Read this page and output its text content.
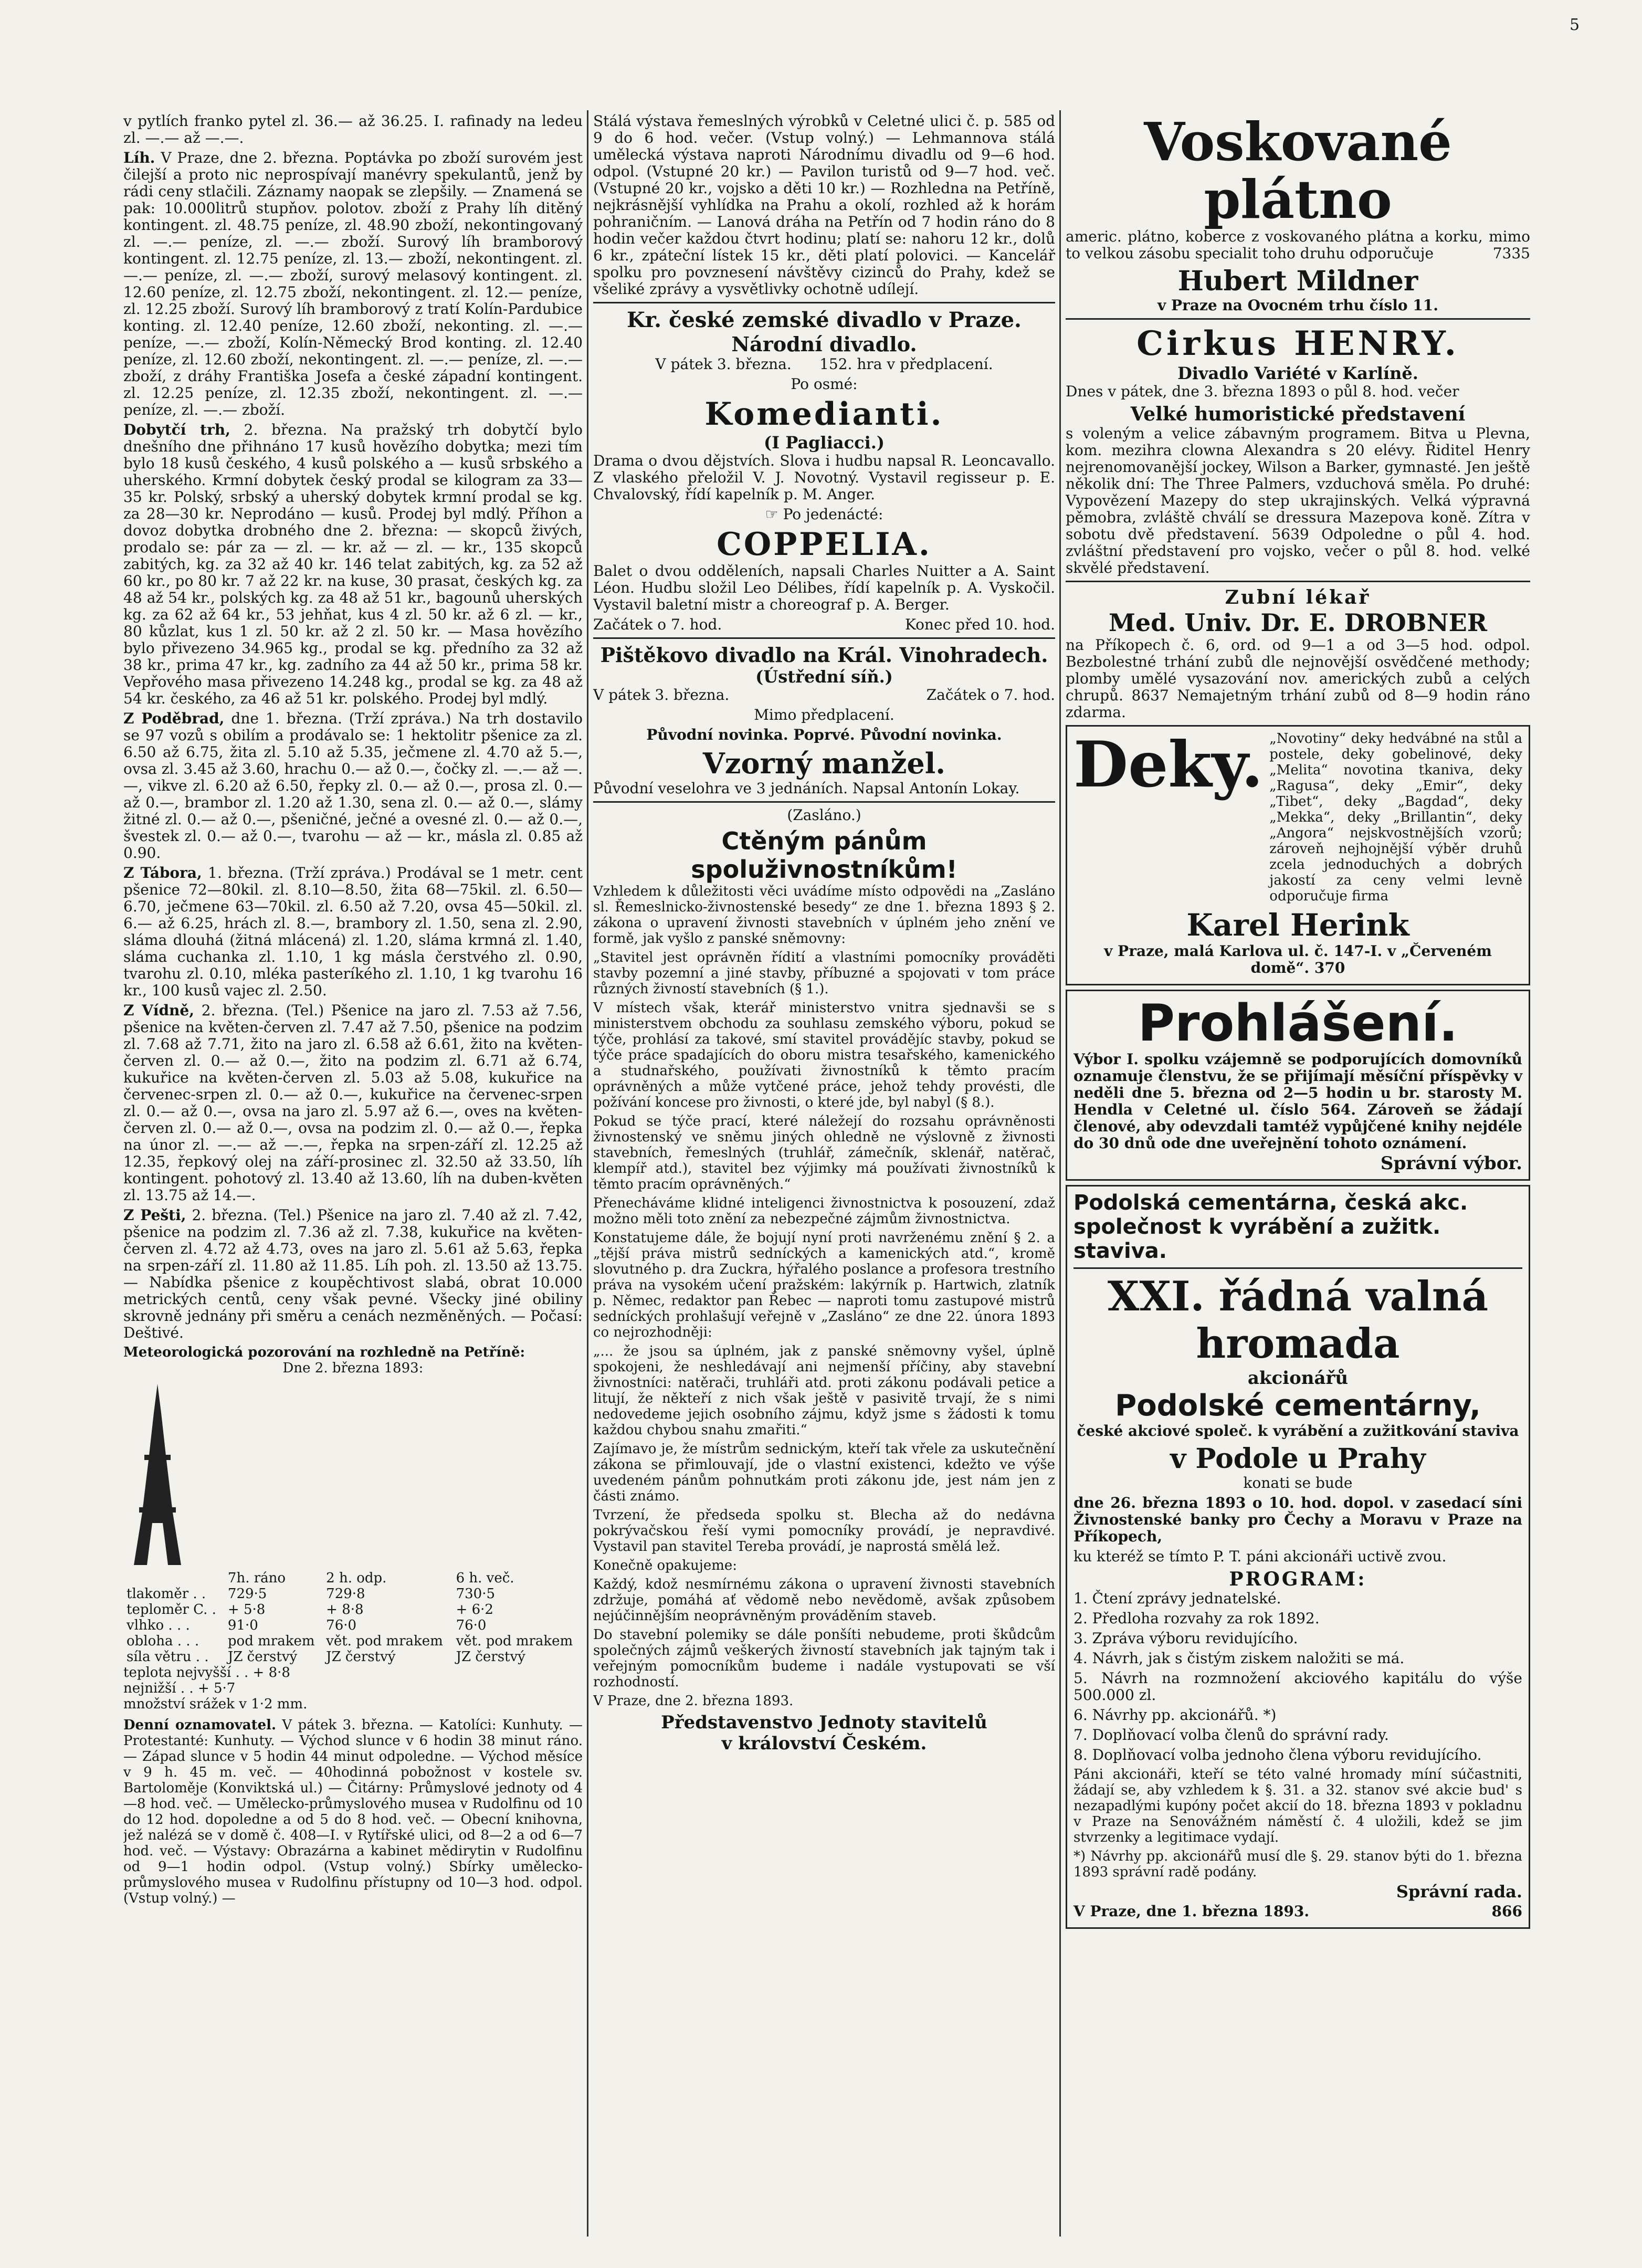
5

v pytlích franko pytel zl. 36.— až 36.25. I. rafinady na ledeu zl. —.— až —.—.

Líh. V Praze, dne 2. března. Poptávka po zboží surovém jest čilejší a proto nic neprospívají manévry spekulantů, jenž by rádi ceny stlačili. Záznamy naopak se zlepšily. — Znamená se pak: 10.000litrů stupňov. polotov. zboží z Prahy líh ditěný kontingent. zl. 48.75 peníze, zl. 48.90 zboží, nekontingovaný zl. —.— peníze, zl. —.— zboží. Surový líh bramborový kontingent. zl. 12.75 peníze, zl. 13.— zboží, nekontingent. zl. —.— peníze, zl. —.— zboží, surový melasový kontingent. zl. 12.60 peníze, zl. 12.75 zboží, nekontingent. zl. 12.— peníze, zl. 12.25 zboží. Surový líh bramborový z tratí Kolín-Pardubice konting. zl. 12.40 peníze, 12.60 zboží, nekonting. zl. —.— peníze, —.— zboží, Kolín-Německý Brod konting. zl. 12.40 peníze, zl. 12.60 zboží, nekontingent. zl. —.— peníze, zl. —.— zboží, z dráhy Františka Josefa a české západní kontingent. zl. 12.25 peníze, zl. 12.35 zboží, nekontingent. zl. —.— peníze, zl. —.— zboží.

Dobytčí trh, 2. března. Na pražský trh dobytčí bylo dnešního dne přihnáno 17 kusů hovězího dobytka; mezi tím bylo 18 kusů českého, 4 kusů polského a — kusů srbského a uherského. Krmní dobytek český prodal se kilogram za 33—35 kr. Polský, srbský a uherský dobytek krmní prodal se kg. za 28—30 kr. Neprodáno — kusů. Prodej byl mdlý. Příhon a dovoz dobytka drobného dne 2. března: — skopců živých, prodalo se: pár za — zl. — kr. až — zl. — kr., 135 skopců zabitých, kg. za 32 až 40 kr. 146 telat zabitých, kg. za 52 až 60 kr., po 80 kr. 7 až 22 kr. na kuse, 30 prasat, českých kg. za 48 až 54 kr., polských kg. za 48 až 51 kr., bagounů uherských kg. za 62 až 64 kr., 53 jehňat, kus 4 zl. 50 kr. až 6 zl. — kr., 80 kůzlat, kus 1 zl. 50 kr. až 2 zl. 50 kr. — Masa hovězího bylo přivezeno 34.965 kg., prodal se kg. předního za 32 až 38 kr., prima 47 kr., kg. zadního za 44 až 50 kr., prima 58 kr. Vepřového masa přivezeno 14.248 kg., prodal se kg. za 48 až 54 kr. českého, za 46 až 51 kr. polského. Prodej byl mdlý.

Z Poděbrad, dne 1. března. (Trží zpráva.) Na trh dostavilo se 97 vozů s obilím a prodávalo se: 1 hektolitr pšenice za zl. 6.50 až 6.75, žita zl. 5.10 až 5.35, ječmene zl. 4.70 až 5.—, ovsa zl. 3.45 až 3.60, hrachu 0.— až 0.—, čočky zl. —.— až —.—, vikve zl. 6.20 až 6.50, řepky zl. 0.— až 0.—, prosa zl. 0.— až 0.—, brambor zl. 1.20 až 1.30, sena zl. 0.— až 0.—, slámy žitné zl. 0.— až 0.—, pšeničné, ječné a ovesné zl. 0.— až 0.—, švestek zl. 0.— až 0.—, tvarohu — až — kr., másla zl. 0.85 až 0.90.

Z Tábora, 1. března. (Trží zpráva.) Prodával se 1 metr. cent pšenice 72—80kil. zl. 8.10—8.50, žita 68—75kil. zl. 6.50—6.70, ječmene 63—70kil. zl. 6.50 až 7.20, ovsa 45—50kil. zl. 6.— až 6.25, hrách zl. 8.—, brambory zl. 1.50, sena zl. 2.90, sláma dlouhá (žitná mlácená) zl. 1.20, sláma krmná zl. 1.40, sláma cuchanka zl. 1.10, 1 kg másla čerstvého zl. 0.90, tvarohu zl. 0.10, mléka pasteríkého zl. 1.10, 1 kg tvarohu 16 kr., 100 kusů vajec zl. 2.50.

Z Vídně, 2. března. (Tel.) Pšenice na jaro zl. 7.53 až 7.56, pšenice na květen-červen zl. 7.47 až 7.50, pšenice na podzim zl. 7.68 až 7.71, žito na jaro zl. 6.58 až 6.61, žito na květen-červen zl. 0.— až 0.—, žito na podzim zl. 6.71 až 6.74, kukuřice na květen-červen zl. 5.03 až 5.08, kukuřice na červenec-srpen zl. 0.— až 0.—, kukuřice na červenec-srpen zl. 0.— až 0.—, ovsa na jaro zl. 5.97 až 6.—, oves na květen-červen zl. 0.— až 0.—, ovsa na podzim zl. 0.— až 0.—, řepka na únor zl. —.— až —.—, řepka na srpen-září zl. 12.25 až 12.35, řepkový olej na září-prosinec zl. 32.50 až 33.50, líh kontingent. pohotový zl. 13.40 až 13.60, líh na duben-květen zl. 13.75 až 14.—.

Z Pešti, 2. března. (Tel.) Pšenice na jaro zl. 7.40 až zl. 7.42, pšenice na podzim zl. 7.36 až zl. 7.38, kukuřice na květen-červen zl. 4.72 až 4.73, oves na jaro zl. 5.61 až 5.63, řepka na srpen-září zl. 11.80 až 11.85. Líh poh. zl. 13.50 až 13.75. — Nabídka pšenice z koupěchtivost slabá, obrat 10.000 metrických centů, ceny však pevné. Všecky jiné obiliny skrovně jednány při směru a cenách nezměněných. — Počasí: Deštivé.

Meteorologická pozorování na rozhledně na Petříně:
Dne 2. března 1893:
	7h. ráno	2 h. odp.	6 h. več.
tlakoměr . .	729·5	729·8	730·5
teploměr C. .	+ 5·8	+ 8·8	+ 6·2
vlhko . . .	91·0	76·0	76·0
obloha . . .	pod mrakem	vět. pod mrakem	vět. pod mrakem
síla větru . .	JZ čerstvý	JZ čerstvý	JZ čerstvý
teplota nejvyšší . . + 8·8
nejnižší . . + 5·7
množství srážek v 1·2 mm.

Denní oznamovatel. V pátek 3. března. — Katolíci: Kunhuty. — Protestanté: Kunhuty. — Východ slunce v 6 hodin 38 minut ráno. — Západ slunce v 5 hodin 44 minut odpoledne. — Východ měsíce v 9 h. 45 m. več. — 40hodinná pobožnost v kostele sv. Bartoloměje (Konviktská ul.) — Čitárny: Průmyslové jednoty od 4—8 hod. več. — Umělecko-průmyslového musea v Rudolfinu od 10 do 12 hod. dopoledne a od 5 do 8 hod. več. — Obecní knihovna, jež nalézá se v domě č. 408—I. v Rytířské ulici, od 8—2 a od 6—7 hod. več. — Výstavy: Obrazárna a kabinet mědirytin v Rudolfinu od 9—1 hodin odpol. (Vstup volný.) Sbírky umělecko-průmyslového musea v Rudolfinu přístupny od 10—3 hod. odpol. (Vstup volný.) —

Stálá výstava řemeslných výrobků v Celetné ulici č. p. 585 od 9 do 6 hod. večer. (Vstup volný.) — Lehmannova stálá umělecká výstava naproti Národnímu divadlu od 9—6 hod. odpol. (Vstupné 20 kr.) — Pavilon turistů od 9—7 hod. več. (Vstupné 20 kr., vojsko a děti 10 kr.) — Rozhledna na Petříně, nejkrásnější vyhlídka na Prahu a okolí, rozhled až k horám pohraničním. — Lanová dráha na Petřín od 7 hodin ráno do 8 hodin večer každou čtvrt hodinu; platí se: nahoru 12 kr., dolů 6 kr., zpáteční lístek 15 kr., děti platí polovici. — Kancelář spolku pro povznesení návštěvy cizinců do Prahy, kdež se všeliké zprávy a vysvětlivky ochotně udílejí.

Kr. české zemské divadlo v Praze.
Národní divadlo.

V pátek 3. března. 152. hra v předplacení.

Po osmé:

Komedianti.
(I Pagliacci.)

Drama o dvou dějstvích. Slova i hudbu napsal R. Leoncavallo. Z vlaského přeložil V. J. Novotný. Vystavil regisseur p. E. Chvalovský, řídí kapelník p. M. Anger.

☞ Po jedenácté:

COPPELIA.

Balet o dvou odděleních, napsali Charles Nuitter a A. Saint Léon. Hudbu složil Leo Délibes, řídí kapelník p. A. Vyskočil. Vystavil baletní mistr a choreograf p. A. Berger.

Začátek o 7. hod.	Konec před 10. hod.

Pištěkovo divadlo na Král. Vinohradech.
(Ústřední síň.)

V pátek 3. března.	Začátek o 7. hod.

Mimo předplacení.

Původní novinka. Poprvé. Původní novinka.

Vzorný manžel.

Původní veselohra ve 3 jednáních. Napsal Antonín Lokay.

(Zasláno.)

Ctěným pánům spoluživnostníkům!

Vzhledem k důležitosti věci uvádíme místo odpovědi na „Zasláno sl. Řemeslnicko-živnostenské besedy“ ze dne 1. března 1893 § 2. zákona o upravení živnosti stavebních v úplném jeho znění ve formě, jak vyšlo z panské sněmovny:

„Stavitel jest oprávněn řídití a vlastními pomocníky prováděti stavby pozemní a jiné stavby, příbuzné a spojovati v tom práce různých živností stavebních (§ 1.).

V místech však, kterář ministerstvo vnitra sjednavši se s ministerstvem obchodu za souhlasu zemského výboru, pokud se týče, prohlásí za takové, smí stavitel provádějíc stavby, pokud se týče práce spadajících do oboru mistra tesařského, kamenického a studnařského, používati živnostníků k těmto pracím oprávněných a může vytčené práce, jehož tehdy provésti, dle požívání koncese pro živnosti, o které jde, byl nabyl (§ 8.).

Pokud se týče prací, které náležejí do rozsahu oprávněnosti živnostenský ve sněmu jiných ohledně ne výslovně z živnosti stavebních, řemeslných (truhlář, zámečník, sklenář, natěrač, klempíř atd.), stavitel bez výjimky má používati živnostníků k těmto pracím oprávněných.“

Přenecháváme klidné inteligenci živnostnictva k posouzení, zdaž možno měli toto znění za nebezpečné zájmům živnostnictva.

Konstatujeme dále, že bojují nyní proti navrženému znění § 2. a „tější práva mistrů sedníckých a kamenických atd.“, kromě slovutného p. dra Zuckra, hýřalého poslance a profesora trestního práva na vysokém učení pražském: lakýrník p. Hartwich, zlatník p. Němec, redaktor pan Řebec — naproti tomu zastupové mistrů sedníckých prohlašují veřejně v „Zasláno“ ze dne 22. února 1893 co nejrozhodněji:

„... že jsou sa úplném, jak z panské sněmovny vyšel, úplně spokojeni, že neshledávají ani nejmenší příčiny, aby stavební živnostníci: natěrači, truhláři atd. proti zákonu podávali petice a litují, že někteří z nich však ještě v pasivitě trvají, že s nimi nedovedeme jejich osobního zájmu, když jsme s žádosti k tomu každou chybou snahu zmařiti.“

Zajímavo je, že místrům sednickým, kteří tak vřele za uskutečnění zákona se přimlouvají, jde o vlastní existenci, kdežto ve výše uvedeném pánům pohnutkám proti zákonu jde, jest nám jen z části známo.

Tvrzení, že předseda spolku st. Blecha až do nedávna pokrývačskou řeší vymi pomocníky provádí, je nepravdivé. Vystavil pan stavitel Tereba provádí, je naprostá smělá lež.

Konečně opakujeme:

Každý, kdož nesmírnému zákona o upravení živnosti stavebních zdržuje, pomáhá ať vědomě nebo nevědomě, avšak způsobem nejúčinnějším neoprávněným prováděním staveb.

Do stavební polemiky se dále ponšíti nebudeme, proti škůdcům společných zájmů veškerých živností stavebních jak tajným tak i veřejným pomocníkům budeme i nadále vystupovati se vší rozhodností.

V Praze, dne 2. března 1893.

Představenstvo Jednoty stavitelů
v království Českém.
Voskované plátno

americ. plátno, koberce z voskovaného plátna a korku, mimo to velkou zásobu specialit toho druhu odporučuje	7335

Hubert Mildner

v Praze na Ovocném trhu číslo 11.

Cirkus HENRY.
Divadlo Variété v Karlíně.

Dnes v pátek, dne 3. března 1893 o půl 8. hod. večer

Velké humoristické představení

s voleným a velice zábavným programem. Bitva u Plevna, kom. mezihra clowna Alexandra s 20 elévy. Řiditel Henry nejrenomovanější jockey, Wilson a Barker, gymnasté. Jen ještě několik dní: The Three Palmers, vzduchová směla. Po druhé: Vypovězení Mazepy do step ukrajinských. Velká výpravná pěmobra, zvláště chválí se dressura Mazepova koně. Zítra v sobotu dvě představení. 5639 Odpoledne o půl 4. hod. zvláštní představení pro vojsko, večer o půl 8. hod. velké skvělé představení.

Zubní lékař
Med. Univ. Dr. E. DROBNER

na Příkopech č. 6, ord. od 9—1 a od 3—5 hod. odpol. Bezbolestné trhání zubů dle nejnovější osvědčené methody; plomby umělé vysazování nov. amerických zubů a celých chrupů. 8637 Nemajetným trhání zubů od 8—9 hodin ráno zdarma.

Deky. „Novotiny“ deky hedvábné na stůl a postele, deky gobelinové, deky „Melita“ novotina tkaniva, deky „Ragusa“, deky „Emir“, deky „Tibet“, deky „Bagdad“, deky „Mekka“, deky „Brillantin“, deky „Angora“ nejskvostnějších vzorů; zároveň nejhojnější výběr druhů zcela jednoduchých a dobrých jakostí za ceny velmi levně odporučuje firma

Karel Herink

v Praze, malá Karlova ul. č. 147-I. v „Červeném domě“. 370

Prohlášení.

Výbor I. spolku vzájemně se podporujících domovníků oznamuje členstvu, že se přijímají měsíční příspěvky v neděli dne 5. března od 2—5 hodin u br. starosty M. Hendla v Celetné ul. číslo 564. Zároveň se žádají členové, aby odevzdali tamtéž vypůjčené knihy nejdéle do 30 dnů ode dne uveřejnění tohoto oznámení.

Správní výbor.

Podolská cementárna, česká akc. společnost k vyrábění a zužitk. staviva.
XXI. řádná valná hromada
akcionářů
Podolské cementárny,

české akciové společ. k vyrábění a zužitkování staviva

v Podole u Prahy

konati se bude

dne 26. března 1893 o 10. hod. dopol. v zasedací síni Živnostenské banky pro Čechy a Moravu v Praze na Příkopech,

ku kteréž se tímto P. T. páni akcionáři uctivě zvou.

PROGRAM:

1. Čtení zprávy jednatelské.

2. Předloha rozvahy za rok 1892.

3. Zpráva výboru revidujícího.

4. Návrh, jak s čistým ziskem naložiti se má.

5. Návrh na rozmnožení akciového kapitálu do výše 500.000 zl.

6. Návrhy pp. akcionářů. *)

7. Doplňovací volba členů do správní rady.

8. Doplňovací volba jednoho člena výboru revidujícího.

Páni akcionáři, kteří se této valné hromady míní súčastniti, žádají se, aby vzhledem k §. 31. a 32. stanov své akcie bud' s nezapadlými kupóny počet akcií do 18. března 1893 v pokladnu v Praze na Senovážném náměstí č. 4 uložili, kdež se jim stvrzenky a legitimace vydají.

*) Návrhy pp. akcionářů musí dle §. 29. stanov býti do 1. března 1893 správní radě podány.

Správní rada.

V Praze, dne 1. března 1893.	866
